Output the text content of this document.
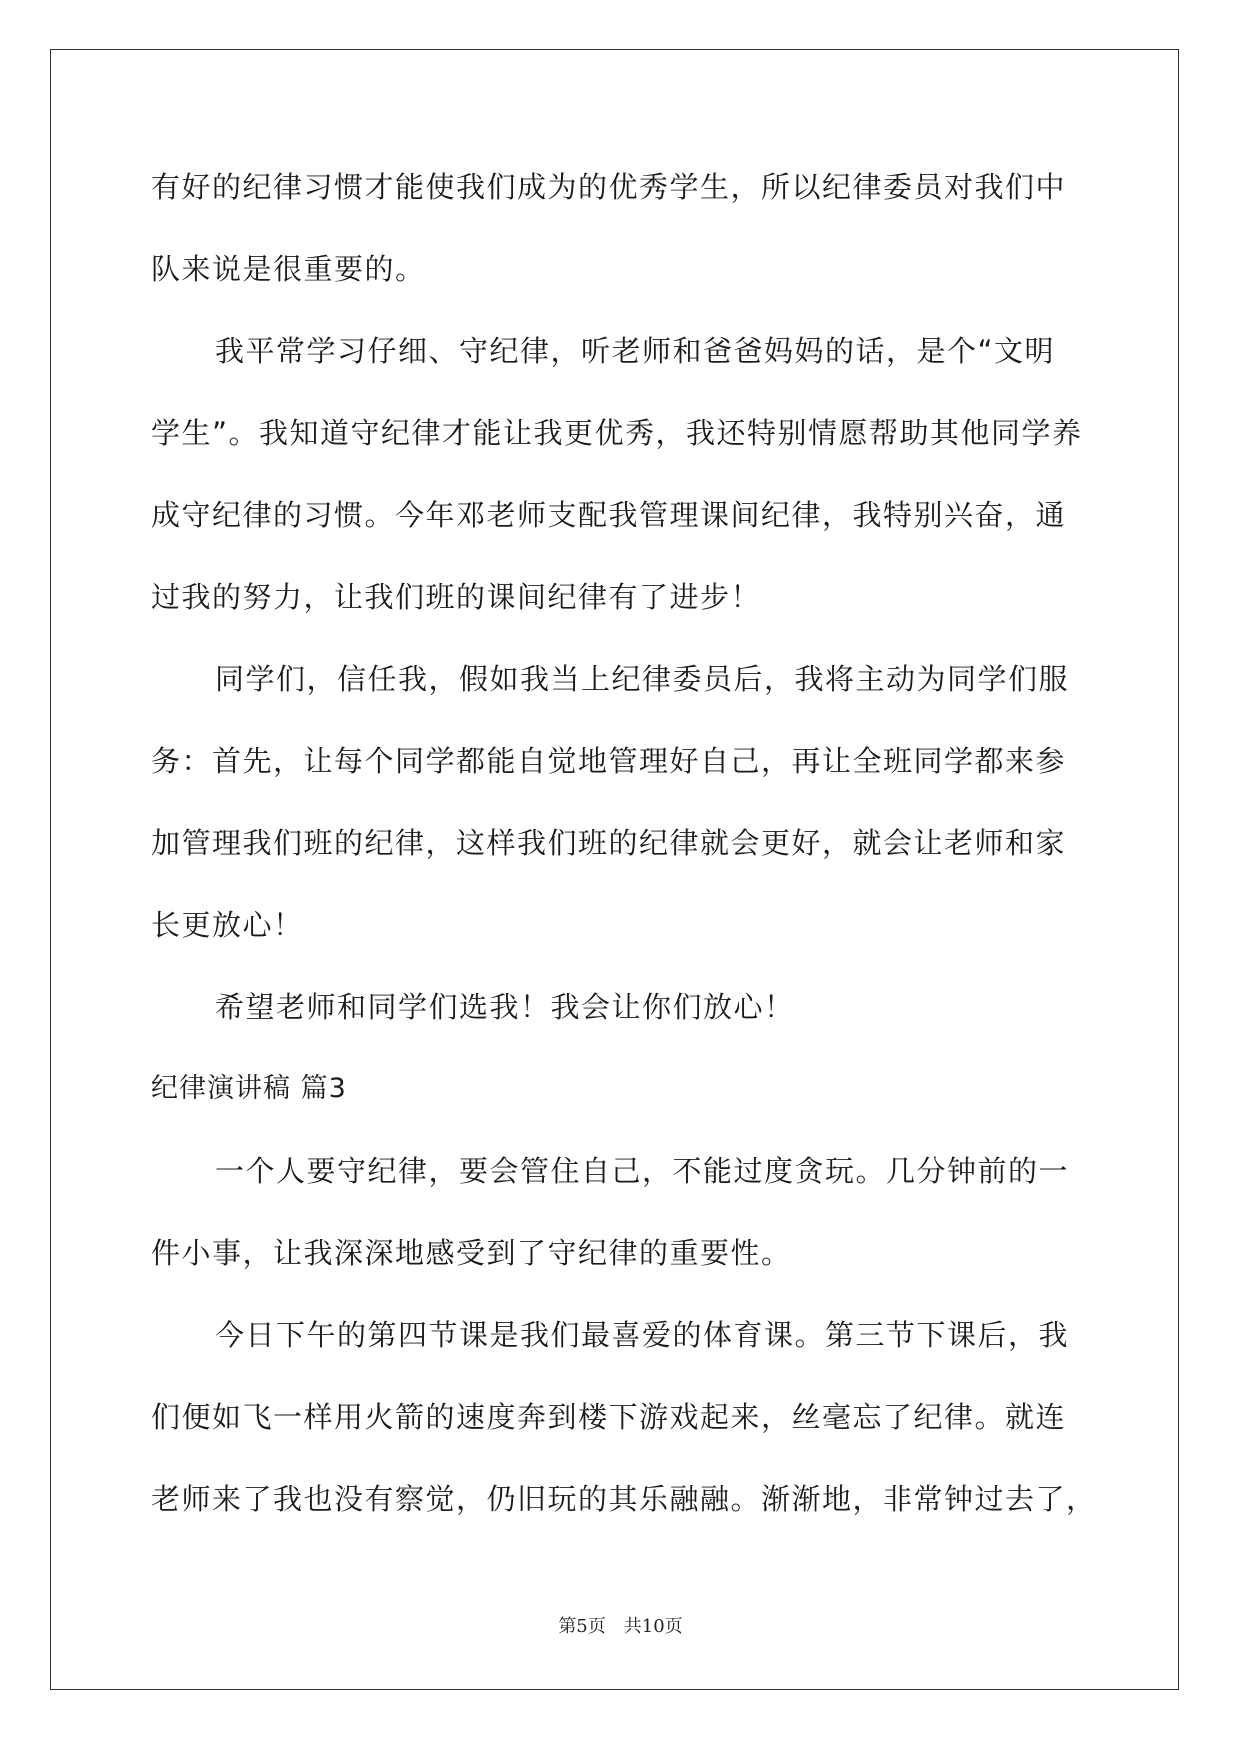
有好的纪律习惯才能使我们成为的优秀学生，所以纪律委员对我们中
队来说是很重要的。
我平常学习仔细、守纪律，听老师和爸爸妈妈的话，是个“文明
学生”。我知道守纪律才能让我更优秀，我还特别情愿帮助其他同学养
成守纪律的习惯。今年邓老师支配我管理课间纪律，我特别兴奋，通
过我的努力，让我们班的课间纪律有了进步！
同学们，信任我，假如我当上纪律委员后，我将主动为同学们服
务：首先，让每个同学都能自觉地管理好自己，再让全班同学都来参
加管理我们班的纪律，这样我们班的纪律就会更好，就会让老师和家
长更放心！
希望老师和同学们选我！我会让你们放心！
纪律演讲稿 篇3
一个人要守纪律，要会管住自己，不能过度贪玩。几分钟前的一
件小事，让我深深地感受到了守纪律的重要性。
今日下午的第四节课是我们最喜爱的体育课。第三节下课后，我
们便如飞一样用火箭的速度奔到楼下游戏起来，丝毫忘了纪律。就连
老师来了我也没有察觉，仍旧玩的其乐融融。渐渐地，非常钟过去了，
第5页　共10页
